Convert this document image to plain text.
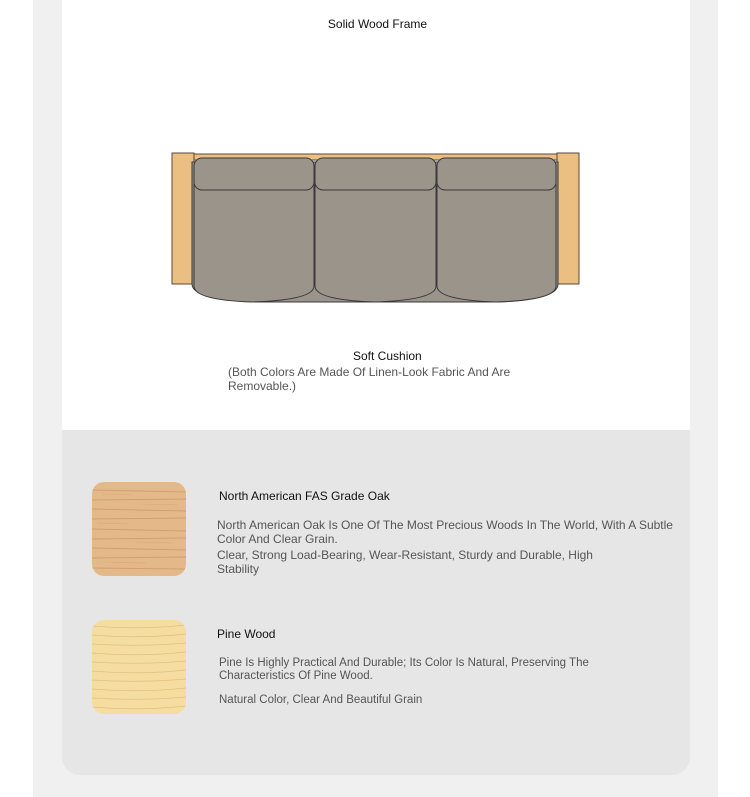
Solid Wood Frame
Soft Cushion
(Both Colors Are Made Of Linen-Look Fabric And Are Removable.)
North American FAS Grade Oak
North American Oak Is One Of The Most Precious Woods In The World, With A Subtle Color And Clear Grain.
Clear, Strong Load-Bearing, Wear-Resistant, Sturdy and Durable, High Stability
Pine Wood
Pine Is Highly Practical And Durable; Its Color Is Natural, Preserving The Characteristics Of Pine Wood.
Natural Color, Clear And Beautiful Grain
